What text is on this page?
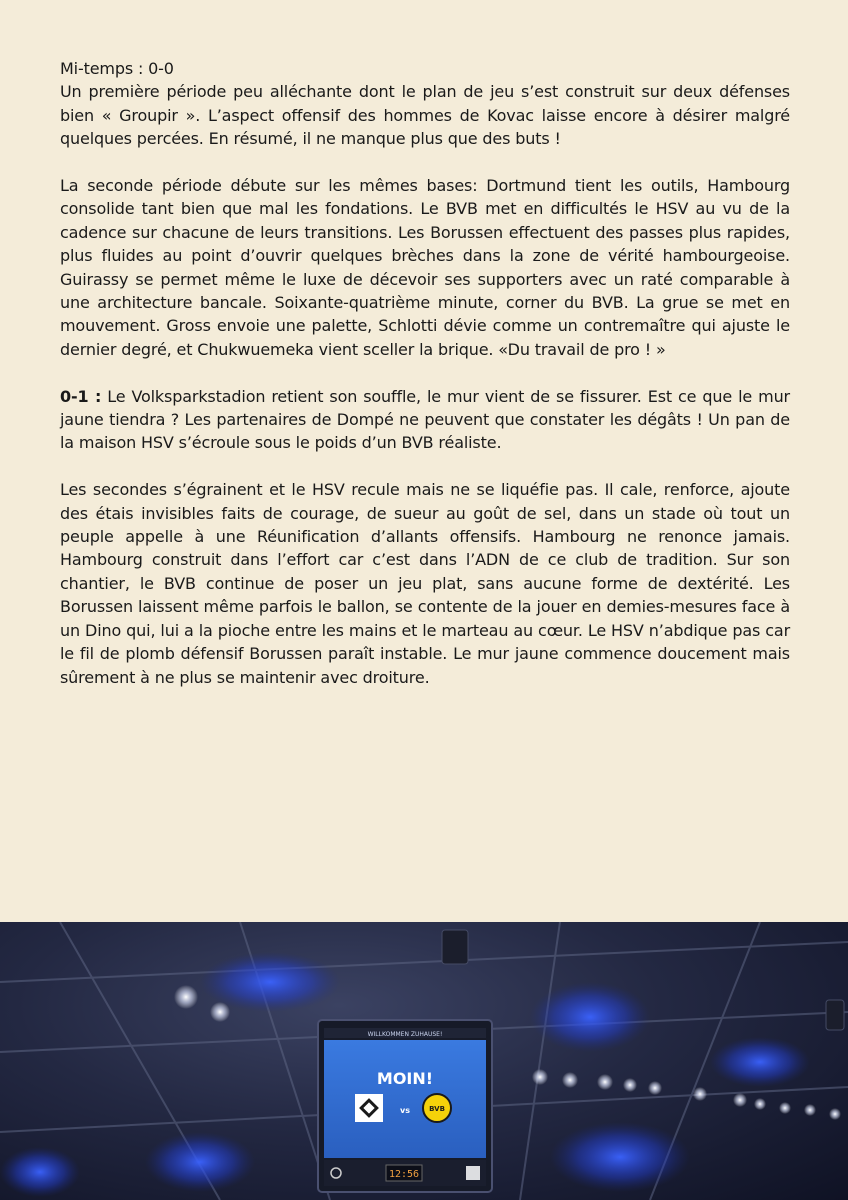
Mi-temps : 0-0
Un première période peu alléchante dont le plan de jeu s’est construit sur deux défenses bien « Groupir ». L’aspect offensif des hommes de Kovac laisse encore à désirer malgré quelques percées. En résumé, il ne manque plus que des buts !

La seconde période débute sur les mêmes bases: Dortmund tient les outils, Hambourg consolide tant bien que mal les fondations. Le BVB met en difficultés le HSV au vu de la cadence sur chacune de leurs transitions. Les Borussen effectuent des passes plus rapides, plus fluides au point d’ouvrir quelques brèches dans la zone de vérité hambourgeoise. Guirassy se permet même le luxe de décevoir ses supporters avec un raté comparable à une architecture bancale. Soixante-quatrième minute, corner du BVB. La grue se met en mouvement. Gross envoie une palette, Schlotti dévie comme un contremaître qui ajuste le dernier degré, et Chukwuemeka vient sceller la brique. «Du travail de pro ! »

0-1 : Le Volksparkstadion retient son souffle, le mur vient de se fissurer. Est ce que le mur jaune tiendra ? Les partenaires de Dompé ne peuvent que constater les dégâts ! Un pan de la maison HSV s’écroule sous le poids d’un BVB réaliste.

Les secondes s’égrainent et le HSV recule mais ne se liquéfie pas. Il cale, renforce, ajoute des étais invisibles faits de courage, de sueur au goût de sel, dans un stade où tout un peuple appelle à une Réunification d’allants offensifs. Hambourg ne renonce jamais. Hambourg construit dans l’effort car c’est dans l’ADN de ce club de tradition. Sur son chantier, le BVB continue de poser un jeu plat, sans aucune forme de dextérité. Les Borussen laissent même parfois le ballon, se contente de la jouer en demies-mesures face à un Dino qui, lui a la pioche entre les mains et le marteau au cœur. Le HSV n’abdique pas car le fil de plomb défensif Borussen paraît instable. Le mur jaune commence doucement mais sûrement à ne plus se maintenir avec droiture.

WILLKOMMEN ZUHAUSE!
MOIN!
vs	BVB
12:56
